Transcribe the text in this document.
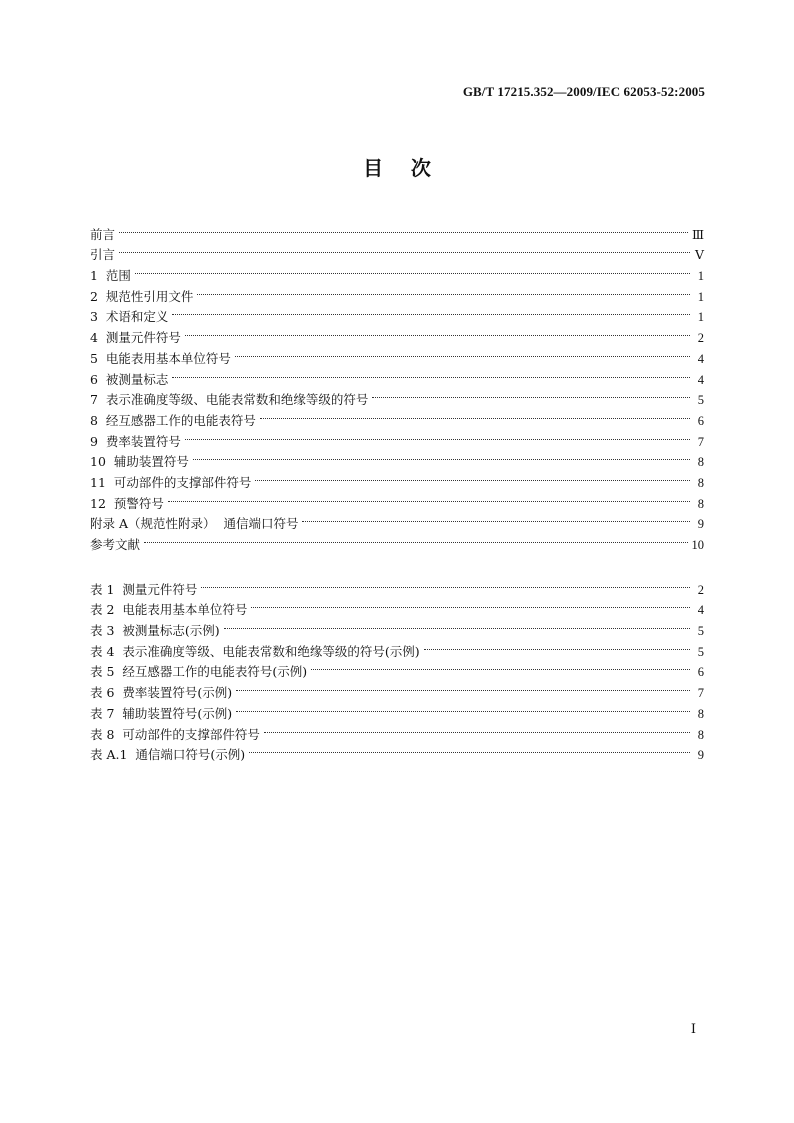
GB/T 17215.352—2009/IEC 62053-52:2005
目    次
前言	Ⅲ
引言	Ⅴ
1  范围	1
2  规范性引用文件	1
3  术语和定义	1
4  测量元件符号	2
5  电能表用基本单位符号	4
6  被测量标志	4
7  表示准确度等级、电能表常数和绝缘等级的符号	5
8  经互感器工作的电能表符号	6
9  费率装置符号	7
10  辅助装置符号	8
11  可动部件的支撑部件符号	8
12  预警符号	8
附录 A（规范性附录）  通信端口符号	9
参考文献	10
表 1  测量元件符号	2
表 2  电能表用基本单位符号	4
表 3  被测量标志(示例)	5
表 4  表示准确度等级、电能表常数和绝缘等级的符号(示例)	5
表 5  经互感器工作的电能表符号(示例)	6
表 6  费率装置符号(示例)	7
表 7  辅助装置符号(示例)	8
表 8  可动部件的支撑部件符号	8
表 A.1  通信端口符号(示例)	9
Ⅰ
